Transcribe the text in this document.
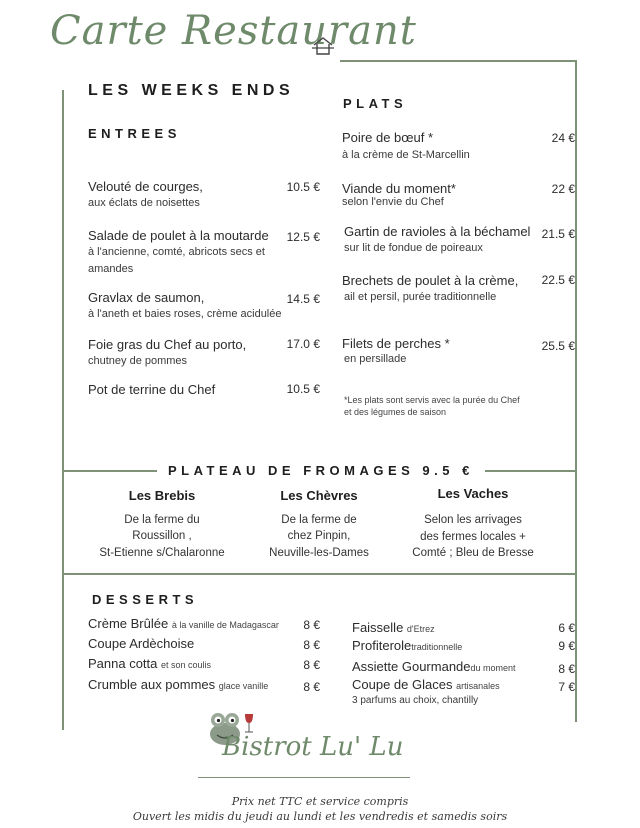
Carte Restaurant
LES WEEKS ENDS
PLATS
ENTREES
Velouté de courges,	10.5 €
aux éclats de noisettes
Salade de poulet à la moutarde	12.5 €
à l'ancienne, comté, abricots secs et
amandes
Gravlax de saumon,	14.5 €
à l'aneth et baies roses, crème acidulée
Foie gras du Chef au porto,	17.0 €
chutney de pommes
Pot de terrine du Chef	10.5 €
Poire de bœuf *	24 €
à la crème de St-Marcellin
Viande du moment*	22 €
selon l'envie du Chef
Gartin de ravioles à la béchamel 21.5 €
sur lit de fondue de poireaux
Brechets de poulet à la crème,	22.5 €
ail et persil, purée traditionnelle
Filets de perches *	25.5 €
en persillade
*Les plats sont servis avec la purée du Chef
et des légumes de saison
PLATEAU DE FROMAGES 9.5 €
Les Brebis
De la ferme du
Roussillon ,
St-Etienne s/Chalaronne
Les Chèvres
De la ferme de
chez Pinpin,
Neuville-les-Dames
Les Vaches
Selon les arrivages
des fermes locales +
Comté ; Bleu de Bresse
DESSERTS
Crème Brûlée à la vanille de Madagascar	8 €
Coupe Ardèchoise	8 €
Panna cotta et son coulis	8 €
Crumble aux pommes glace vanille	8 €
Faisselle d'Etrez	6 €
Profiteroletraditionnelle	9 €
Assiette Gourmandedu moment	8 €
Coupe de Glaces artisanales	7 €
3 parfums au choix, chantilly
Bistrot Lu' Lu
Prix net TTC et service compris
Ouvert les midis du jeudi au lundi et les vendredis et samedis soirs
